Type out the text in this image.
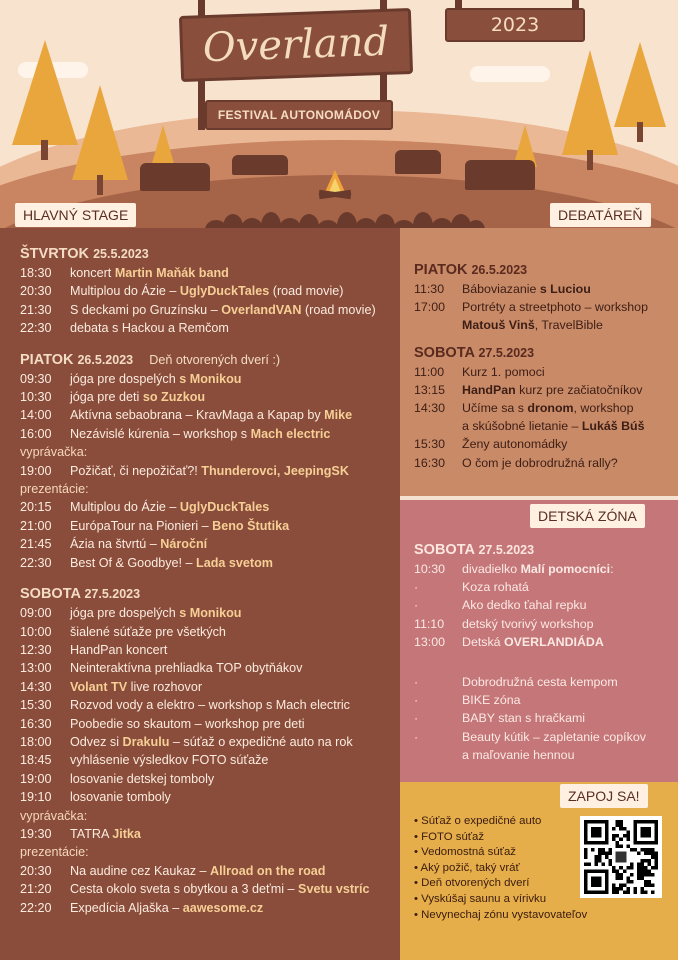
Overland
FESTIVAL AUTONOMÁDOV
2023
ŠTVRTOK 25.5.2023
18:30	koncert Martin Maňák band
20:30	Multiplou do Ázie – UglyDuckTales (road movie)
21:30	S deckami po Gruzínsku – OverlandVAN (road movie)
22:30	debata s Hackou a Remčom
PIATOK 26.5.2023 Deň otvorených dverí :)
09:30	jóga pre dospelých s Monikou
10:30	jóga pre deti so Zuzkou
14:00	Aktívna sebaobrana – KravMaga a Kapap by Mike
16:00	Nezávislé kúrenia – workshop s Mach electric
vyprávačka:
19:00	Požičať, či nepožičať?! Thunderovci, JeepingSK
prezentácie:
20:15	Multiplou do Ázie – UglyDuckTales
21:00	EurópaTour na Pionieri – Beno Štutika
21:45	Ázia na štvrtú – Nároční
22:30	Best Of & Goodbye! – Lada svetom
SOBOTA 27.5.2023
09:00	jóga pre dospelých s Monikou
10:00	šialené súťaže pre všetkých
12:30	HandPan koncert
13:00	Neinteraktívna prehliadka TOP obytňákov
14:30	Volant TV live rozhovor
15:30	Rozvod vody a elektro – workshop s Mach electric
16:30	Poobedie so skautom – workshop pre deti
18:00	Odvez si Drakulu – súťaž o expedičné auto na rok
18:45	vyhlásenie výsledkov FOTO súťaže
19:00	losovanie detskej tomboly
19:10	losovanie tomboly
vyprávačka:
19:30	TATRA Jitka
prezentácie:
20:30	Na audine cez Kaukaz – Allroad on the road
21:20	Cesta okolo sveta s obytkou a 3 deťmi – Svetu vstríc
22:20	Expedícia Aljaška – aawesome.cz
PIATOK 26.5.2023
11:30	Báboviazanie s Luciou
17:00	Portréty a streetphoto – workshop
Matouš Vinš, TravelBible
SOBOTA 27.5.2023
11:00	Kurz 1. pomoci
13:15	HandPan kurz pre začiatočníkov
14:30	Učíme sa s dronom, workshop
a skúšobné lietanie – Lukáš Búš
15:30	Ženy autonomádky
16:30	O čom je dobrodružná rally?
SOBOTA 27.5.2023
10:30	divadielko Malí pomocníci:
·	Koza rohatá
·	Ako dedko ťahal repku
11:10	detský tvorivý workshop
13:00	Detská OVERLANDIÁDA
·	Dobrodružná cesta kempom
·	BIKE zóna
·	BABY stan s hračkami
·	Beauty kútik – zapletanie copíkov
a maľovanie hennou
• Súťaž o expedičné auto
• FOTO súťaž
• Vedomostná súťaž
• Aký požič, taký vráť
• Deň otvorených dverí
• Vyskúšaj saunu a vírivku
• Nevynechaj zónu vystavovateľov
HLAVNÝ STAGE	DEBATÁREŇ
DETSKÁ ZÓNA
ZAPOJ SA!
